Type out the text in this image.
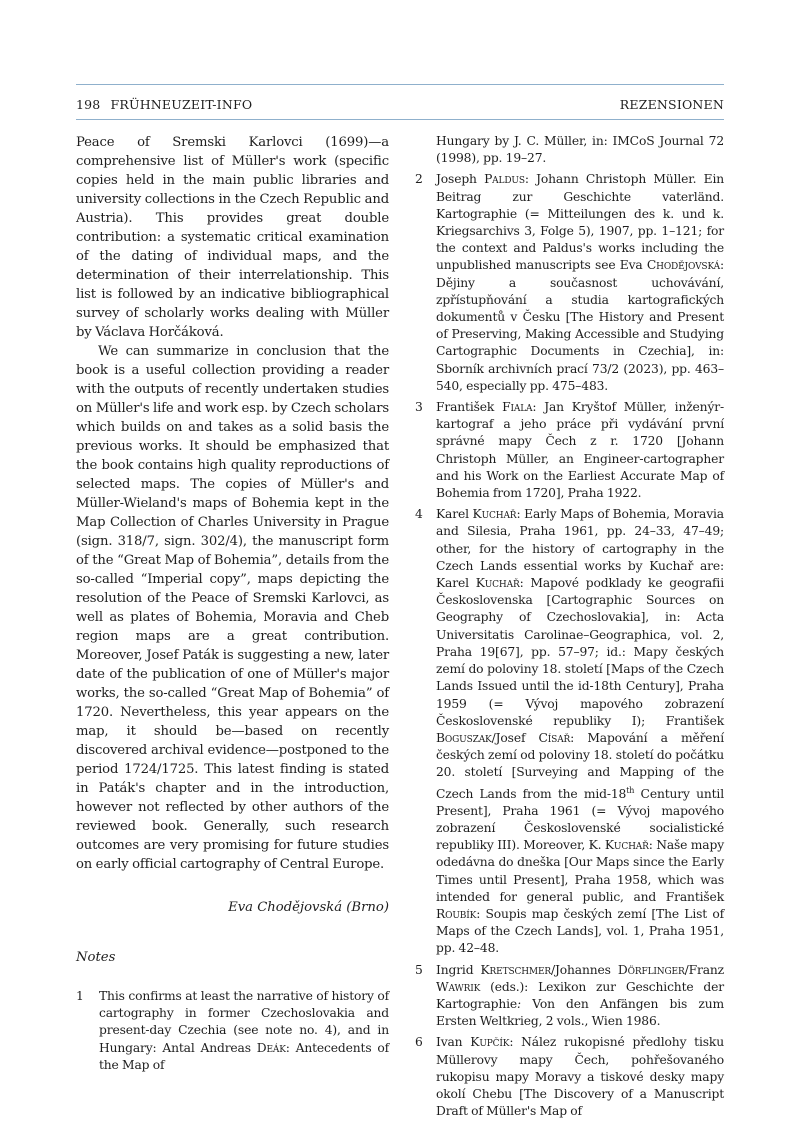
198 FRÜHNEUZEIT-INFO	REZENSIONEN

Peace of Sremski Karlovci (1699)—a comprehensive list of Müller's work (specific copies held in the main public libraries and university collections in the Czech Republic and Austria). This provides great double contribution: a systematic critical examination of the dating of individual maps, and the determination of their interrelationship. This list is followed by an indicative bibliographical survey of scholarly works dealing with Müller by Václava Horčáková.

We can summarize in conclusion that the book is a useful collection providing a reader with the outputs of recently undertaken studies on Müller's life and work esp. by Czech scholars which builds on and takes as a solid basis the previous works. It should be emphasized that the book contains high quality reproductions of selected maps. The copies of Müller's and Müller-Wieland's maps of Bohemia kept in the Map Collection of Charles University in Prague (sign. 318/7, sign. 302/4), the manuscript form of the “Great Map of Bohemia”, details from the so-called “Imperial copy”, maps depicting the resolution of the Peace of Sremski Karlovci, as well as plates of Bohemia, Moravia and Cheb region maps are a great contribution. Moreover, Josef Paták is suggesting a new, later date of the publication of one of Müller's major works, the so-called “Great Map of Bohemia” of 1720. Nevertheless, this year appears on the map, it should be—based on recently discovered archival evidence—postponed to the period 1724/1725. This latest finding is stated in Paták's chapter and in the introduction, however not reflected by other authors of the reviewed book. Generally, such research outcomes are very promising for future studies on early official cartography of Central Europe.

Eva Chodějovská (Brno)
Notes
1 This confirms at least the narrative of history of cartography in former Czechoslovakia and present-day Czechia (see note no. 4), and in Hungary: Antal Andreas Deák: Antecedents of the Map of
Hungary by J. C. Müller, in: IMCoS Journal 72 (1998), pp. 19–27.
2 Joseph Paldus: Johann Christoph Müller. Ein Beitrag zur Geschichte vaterländ. Kartographie (= Mitteilungen des k. und k. Kriegsarchivs 3, Folge 5), 1907, pp. 1–121; for the context and Paldus's works including the unpublished manuscripts see Eva Chodějovská: Dějiny a současnost uchovávání, zpřístupňování a studia kartografických dokumentů v Česku [The History and Present of Preserving, Making Accessible and Studying Cartographic Documents in Czechia], in: Sborník archivních prací 73/2 (2023), pp. 463–540, especially pp. 475–483.
3 František Fiala: Jan Kryštof Müller, inženýr-kartograf a jeho práce při vydávání první správné mapy Čech z r. 1720 [Johann Christoph Müller, an Engineer-cartographer and his Work on the Earliest Accurate Map of Bohemia from 1720], Praha 1922.
4 Karel Kuchař: Early Maps of Bohemia, Moravia and Silesia, Praha 1961, pp. 24–33, 47–49; other, for the history of cartography in the Czech Lands essential works by Kuchař are: Karel Kuchař: Mapové podklady ke geografii Československa [Cartographic Sources on Geography of Czechoslovakia], in: Acta Universitatis Carolinae–Geographica, vol. 2, Praha 19[67], pp. 57–97; id.: Mapy českých zemí do poloviny 18. století [Maps of the Czech Lands Issued until the id-18th Century], Praha 1959 (= Vývoj mapového zobrazení Československé republiky I); František Boguszak/Josef Císař: Mapování a měření českých zemí od poloviny 18. století do počátku 20. století [Surveying and Mapping of the Czech Lands from the mid-18th Century until Present], Praha 1961 (= Vývoj mapového zobrazení Československé socialistické republiky III). Moreover, K. Kuchař: Naše mapy odedávna do dneška [Our Maps since the Early Times until Present], Praha 1958, which was intended for general public, and František Roubík: Soupis map českých zemí [The List of Maps of the Czech Lands], vol. 1, Praha 1951, pp. 42–48.
5 Ingrid Kretschmer/Johannes Dörflinger/Franz Wawrik (eds.): Lexikon zur Geschichte der Kartographie: Von den Anfängen bis zum Ersten Weltkrieg, 2 vols., Wien 1986.
6 Ivan Kupčík: Nález rukopisné předlohy tisku Müllerovy mapy Čech, pohřešovaného rukopisu mapy Moravy a tiskové desky mapy okolí Chebu [The Discovery of a Manuscript Draft of Müller's Map of
